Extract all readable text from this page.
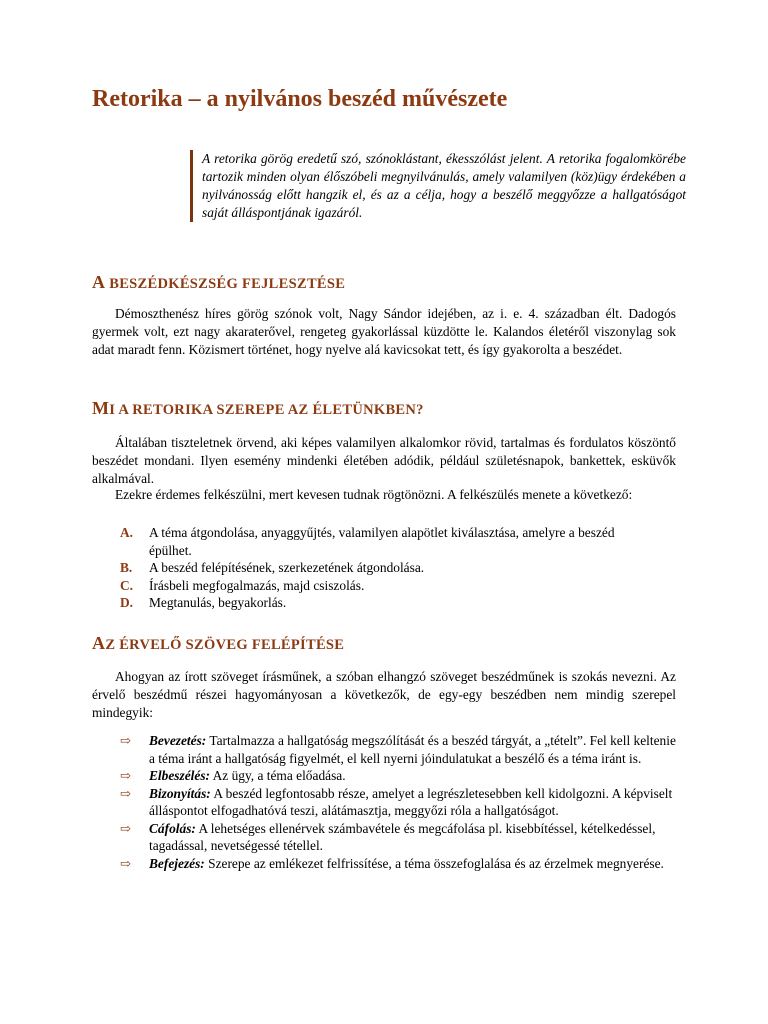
Retorika – a nyilvános beszéd művészete

A retorika görög eredetű szó, szónoklástant, ékesszólást jelent. A retorika fogalomkörébe tartozik minden olyan élőszóbeli megnyilvánulás, amely valamilyen (köz)ügy érdekében a nyilvánosság előtt hangzik el, és az a célja, hogy a beszélő meggyőzze a hallgatóságot saját álláspontjának igazáról.

A BESZÉDKÉSZSÉG FEJLESZTÉSE

Démoszthenész híres görög szónok volt, Nagy Sándor idejében, az i. e. 4. században élt. Dadogós gyermek volt, ezt nagy akaraterővel, rengeteg gyakorlással küzdötte le. Kalandos életéről viszonylag sok adat maradt fenn. Közismert történet, hogy nyelve alá kavicsokat tett, és így gyakorolta a beszédet.

MI A RETORIKA SZEREPE AZ ÉLETÜNKBEN?

Általában tiszteletnek örvend, aki képes valamilyen alkalomkor rövid, tartalmas és fordulatos köszöntő beszédet mondani. Ilyen esemény mindenki életében adódik, például születésnapok, bankettek, esküvők alkalmával.

Ezekre érdemes felkészülni, mert kevesen tudnak rögtönözni. A felkészülés menete a következő:

A. A téma átgondolása, anyaggyűjtés, valamilyen alapötlet kiválasztása, amelyre a beszéd épülhet.
B. A beszéd felépítésének, szerkezetének átgondolása.
C. Írásbeli megfogalmazás, majd csiszolás.
D. Megtanulás, begyakorlás.
AZ ÉRVELŐ SZÖVEG FELÉPÍTÉSE

Ahogyan az írott szöveget írásműnek, a szóban elhangzó szöveget beszédműnek is szokás nevezni. Az érvelő beszédmű részei hagyományosan a következők, de egy-egy beszédben nem mindig szerepel mindegyik:

⇨ Bevezetés: Tartalmazza a hallgatóság megszólítását és a beszéd tárgyát, a „tételt”. Fel kell keltenie a téma iránt a hallgatóság figyelmét, el kell nyerni jóindulatukat a beszélő és a téma iránt is.
⇨ Elbeszélés: Az ügy, a téma előadása.
⇨ Bizonyítás: A beszéd legfontosabb része, amelyet a legrészletesebben kell kidolgozni. A képviselt álláspontot elfogadhatóvá teszi, alátámasztja, meggyőzi róla a hallgatóságot.
⇨ Cáfolás: A lehetséges ellenérvek számbavétele és megcáfolása pl. kisebbítéssel, kételkedéssel, tagadással, nevetségessé tétellel.
⇨ Befejezés: Szerepe az emlékezet felfrissítése, a téma összefoglalása és az érzelmek megnyerése.
